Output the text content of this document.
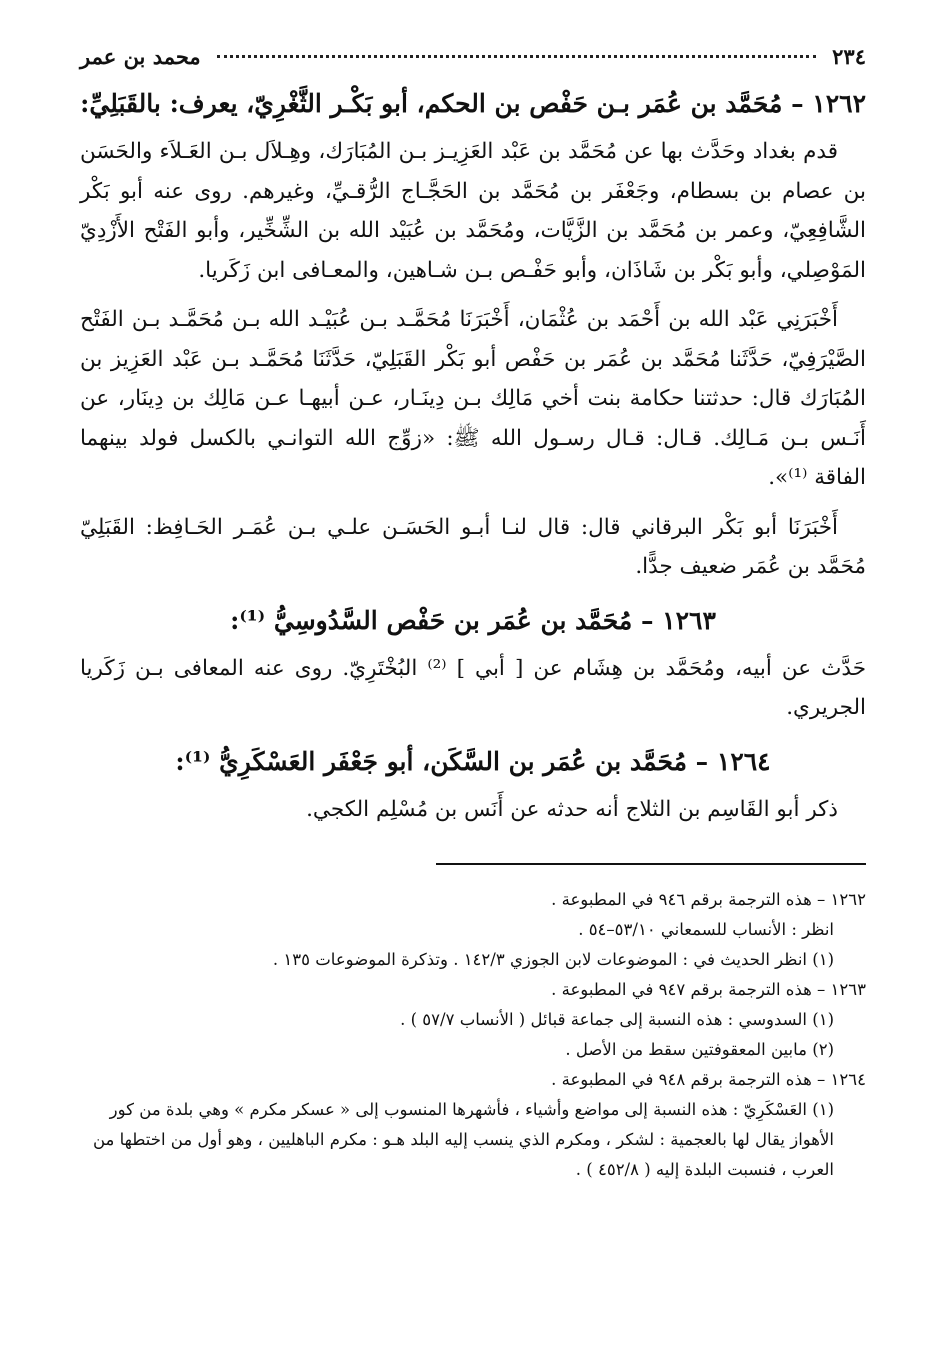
٢٣٤
محمد بن عمر
١٢٦٢ – مُحَمَّد بن عُمَر بـن حَفْص بن الحكم، أبو بَكْـر الثَّغْرِيّ، يعرف: بالقَبَلِيِّ:

قدم بغداد وحَدَّث بها عن مُحَمَّد بن عَبْد العَزِيـز بـن المُبَارَك، وهِـلاَل بـن العَـلاَء والحَسَن بن عصام بن بسطام، وجَعْفَر بن مُحَمَّد بن الحَجَّـاج الرُّقـيِّ، وغيرهم. روى عنه أبو بَكْر الشَّافِعِيّ، وعمر بن مُحَمَّد بن الزَّيَّات، ومُحَمَّد بن عُبَيْد الله بن الشِّخِّير، وأبو الفَتْح الأَزْدِيّ المَوْصِلي، وأبو بَكْر بن شَاذَان، وأبو حَفْـص بـن شـاهين، والمعـافى ابن زَكَريا.

أَخْبَرَنِي عَبْد الله بن أَحْمَد بن عُثْمَان، أَخْبَرَنَا مُحَمَّـد بـن عُبَيْـد الله بـن مُحَمَّـد بـن الفَتْح الصَّيْرَفِيّ، حَدَّثَنا مُحَمَّد بن عُمَر بن حَفْص أبو بَكْر القَبَلِيّ، حَدَّثَنَا مُحَمَّـد بـن عَبْد العَزِيز بن المُبَارَك قال: حدثتنا حكامة بنت أخي مَالِك بـن دِينَـار، عـن أبيهـا عـن مَالِك بن دِينَار، عن أَنَـس بـن مَـالِك. قـال: قـال رسـول الله ﷺ: «زوِّج الله التوانـي بالكسل فولد بينهما الفاقة ⁽¹⁾».

أَخْبَرَنَا أبو بَكْر البرقاني قال: قال لنـا أبـو الحَسَـن علـي بـن عُمَـر الحَـافِظ: القَبَلِيّ مُحَمَّد بن عُمَر ضعيف جدًّا.

١٢٦٣ – مُحَمَّد بن عُمَر بن حَفْص السَّدُوسِيُّ ⁽¹⁾:

حَدَّث عن أبيه، ومُحَمَّد بن هِشَام عن [ أبي ] ⁽²⁾ البُخْتَرِيّ. روى عنه المعافى بـن زَكَريا الجريري.

١٢٦٤ – مُحَمَّد بن عُمَر بن السَّكَن، أبو جَعْفَر العَسْكَرِيُّ ⁽¹⁾:

ذكر أبو القَاسِم بن الثلاج أنه حدثه عن أَنَس بن مُسْلِم الكجي.

١٢٦٢ – هذه الترجمة برقم ٩٤٦ في المطبوعة .

انظر : الأنساب للسمعاني ٥٣/١٠–٥٤ .

(١) انظر الحديث في : الموضوعات لابن الجوزي ١٤٢/٣ . وتذكرة الموضوعات ١٣٥ .

١٢٦٣ – هذه الترجمة برقم ٩٤٧ في المطبوعة .

(١) السدوسي : هذه النسبة إلى جماعة قبائل ( الأنساب ٥٧/٧ ) .

(٢) مابين المعقوفتين سقط من الأصل .

١٢٦٤ – هذه الترجمة برقم ٩٤٨ في المطبوعة .

(١) العَسْكَرِيّ : هذه النسبة إلى مواضع وأشياء ، فأشهرها المنسوب إلى « عسكر مكرم » وهي بلدة من كور الأهواز يقال لها بالعجمية : لشكر ، ومكرم الذي ينسب إليه البلد هـو : مكرم الباهليين ، وهو أول من اختطها من العرب ، فنسبت البلدة إليه ( ٤٥٢/٨ ) .
